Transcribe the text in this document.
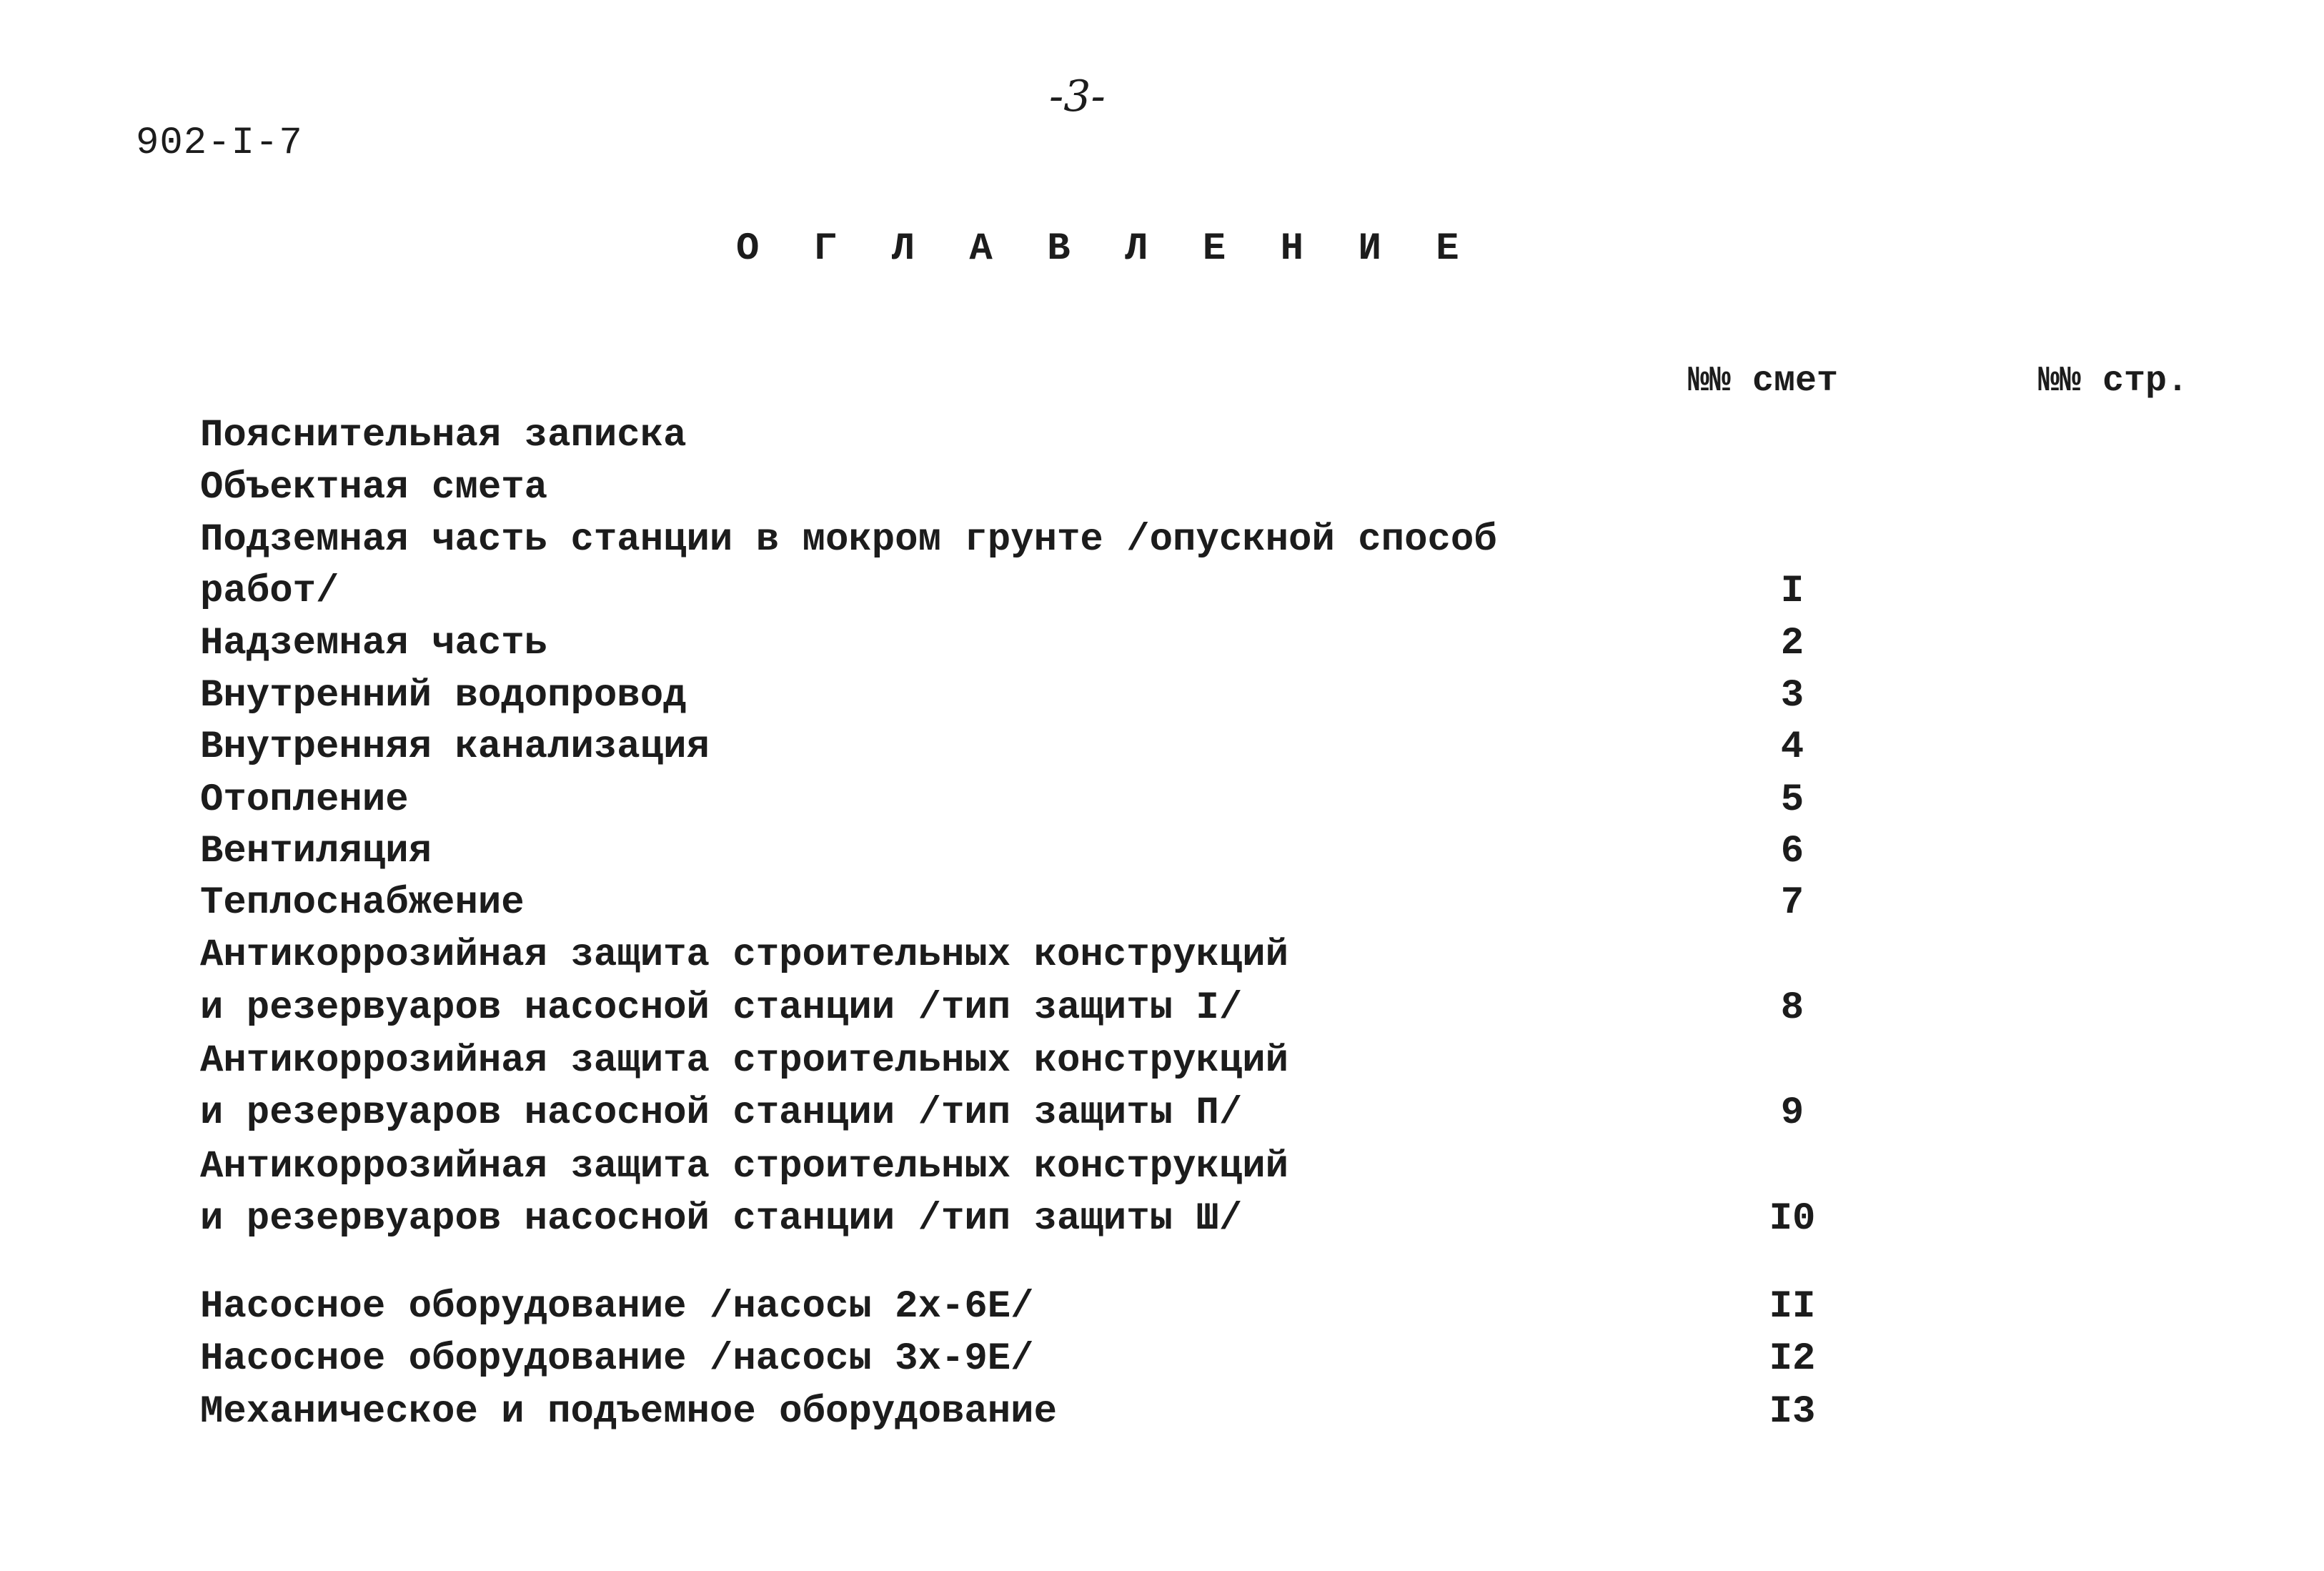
902-I-7
-3-
О Г Л А В Л Е Н И Е
№№ смет	№№ стр.
Пояснительная записка
Объектная смета
Подземная часть станции в мокром грунте /опускной способ
работ/	I
Надземная часть	2
Внутренний водопровод	3
Внутренняя канализация	4
Отопление	5
Вентиляция	6
Теплоснабжение	7
Антикоррозийная защита строительных конструкций
и резервуаров насосной станции /тип защиты I/	8
Антикоррозийная защита строительных конструкций
и резервуаров насосной станции /тип защиты П/	9
Антикоррозийная защита строительных конструкций
и резервуаров насосной станции /тип защиты Ш/	I0
Насосное оборудование /насосы 2х-6Е/	II
Насосное оборудование /насосы 3х-9Е/	I2
Механическое и подъемное оборудование	I3
